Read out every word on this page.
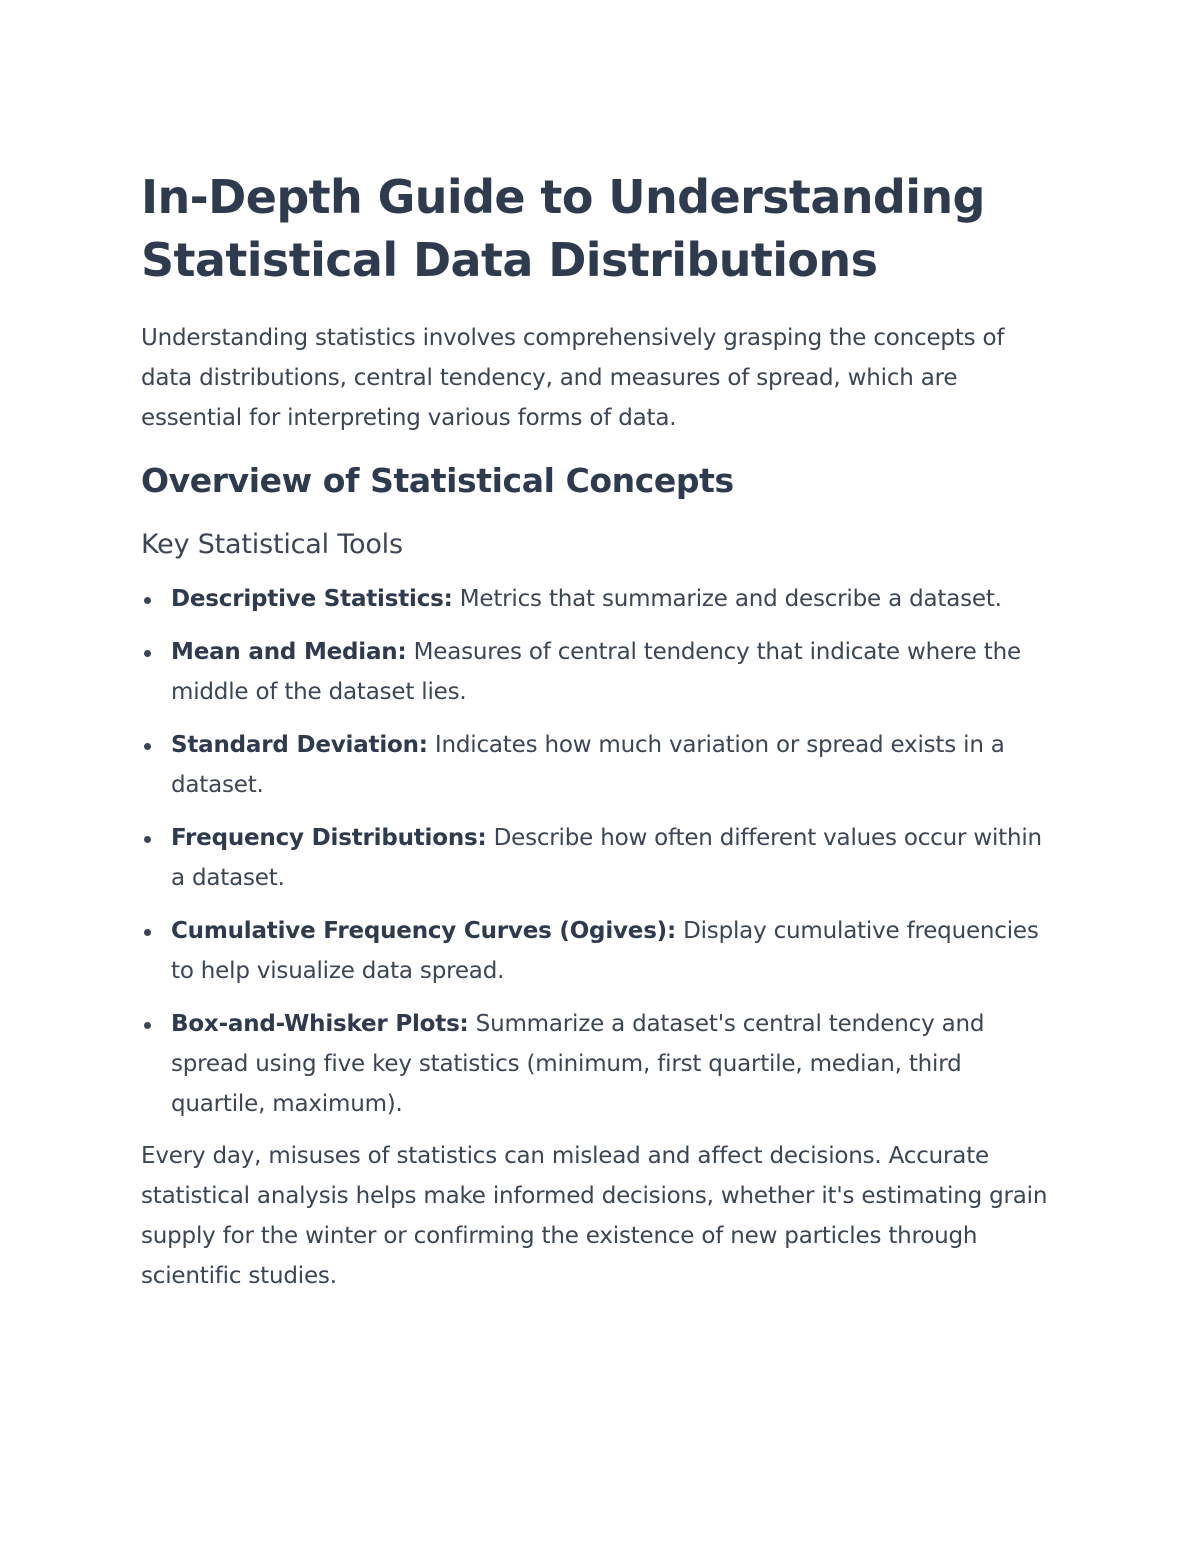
In-Depth Guide to Understanding Statistical Data Distributions

Understanding statistics involves comprehensively grasping the concepts of data distributions, central tendency, and measures of spread, which are essential for interpreting various forms of data.

Overview of Statistical Concepts
Key Statistical Tools
Descriptive Statistics: Metrics that summarize and describe a dataset.
Mean and Median: Measures of central tendency that indicate where the middle of the dataset lies.
Standard Deviation: Indicates how much variation or spread exists in a dataset.
Frequency Distributions: Describe how often different values occur within a dataset.
Cumulative Frequency Curves (Ogives): Display cumulative frequencies to help visualize data spread.
Box-and-Whisker Plots: Summarize a dataset's central tendency and spread using five key statistics (minimum, first quartile, median, third quartile, maximum).

Every day, misuses of statistics can mislead and affect decisions. Accurate statistical analysis helps make informed decisions, whether it's estimating grain supply for the winter or confirming the existence of new particles through scientific studies.
